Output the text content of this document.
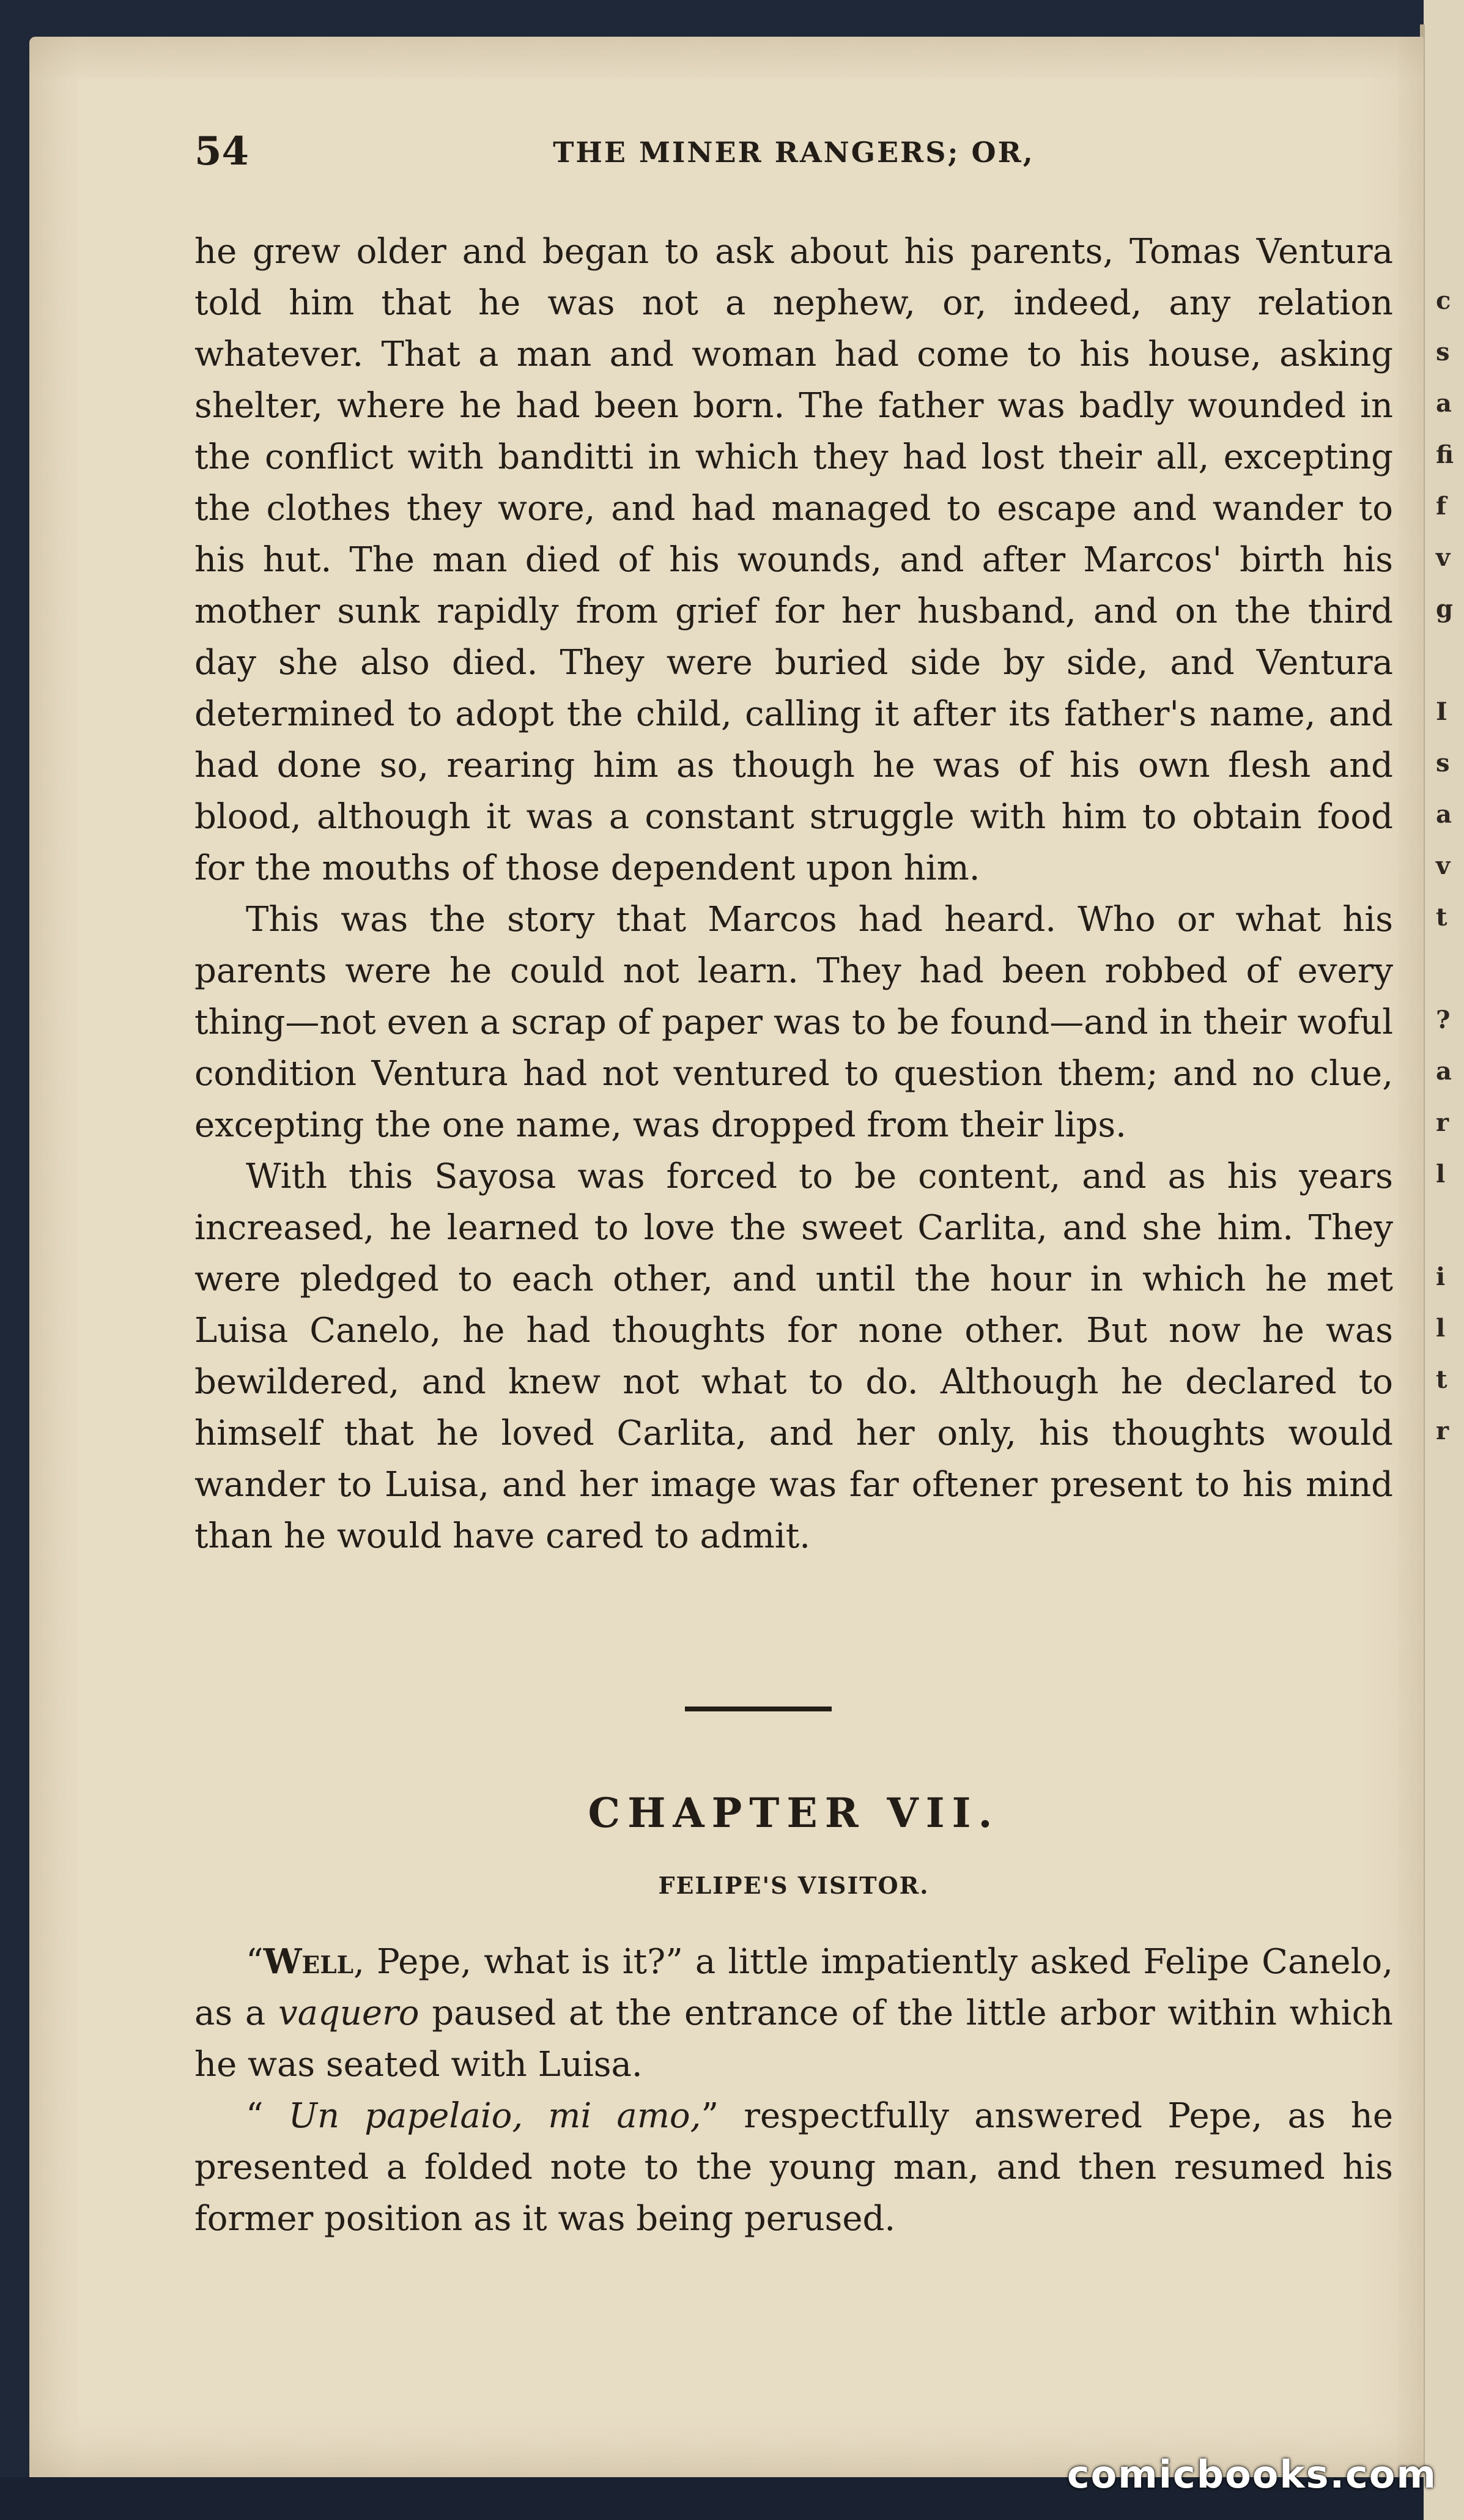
54	THE MINER RANGERS; OR,

he grew older and began to ask about his parents, Tomas Ventura told him that he was not a nephew, or, indeed, any relation whatever. That a man and woman had come to his house, asking shelter, where he had been born. The father was badly wounded in the conflict with banditti in which they had lost their all, excepting the clothes they wore, and had managed to escape and wander to his hut. The man died of his wounds, and after Marcos' birth his mother sunk rapidly from grief for her husband, and on the third day she also died. They were buried side by side, and Ventura determined to adopt the child, calling it after its father's name, and had done so, rearing him as though he was of his own flesh and blood, although it was a constant struggle with him to obtain food for the mouths of those dependent upon him.

This was the story that Marcos had heard. Who or what his parents were he could not learn. They had been robbed of every thing—not even a scrap of paper was to be found—and in their woful condition Ventura had not ventured to question them; and no clue, excepting the one name, was dropped from their lips.

With this Sayosa was forced to be content, and as his years increased, he learned to love the sweet Carlita, and she him. They were pledged to each other, and until the hour in which he met Luisa Canelo, he had thoughts for none other. But now he was bewildered, and knew not what to do. Although he declared to himself that he loved Carlita, and her only, his thoughts would wander to Luisa, and her image was far oftener present to his mind than he would have cared to admit.

CHAPTER VII.
FELIPE'S VISITOR.

“Well, Pepe, what is it?” a little impatiently asked Felipe Canelo, as a vaquero paused at the entrance of the little arbor within which he was seated with Luisa.

“ Un papelaio, mi amo,” respectfully answered Pepe, as he presented a folded note to the young man, and then resumed his former position as it was being perused.

c
s
a
fi
f
v
g

I
s
a
v
t

?
a
r
l

i
l
t
r
comicbooks.com
